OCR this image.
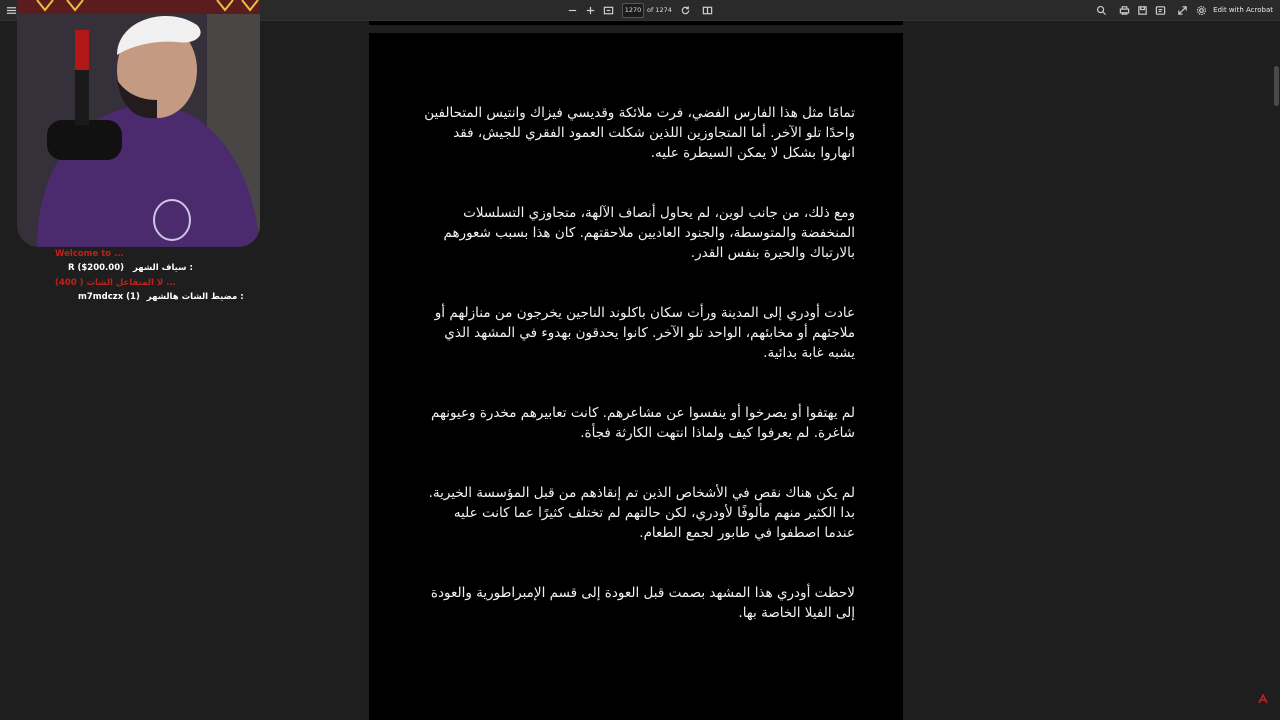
1270 of 1274	Edit with Acrobat
تمامًا مثل هذا الفارس الفضي، فرت ملائكة وقديسي فيزاك وانتيس المتحالفين واحدًا تلو الآخر. أما المتجاوزين اللذين شكلت العمود الفقري للجيش، فقد انهاروا بشكل لا يمكن السيطرة عليه.
ومع ذلك، من جانب لوين، لم يحاول أنصاف الآلهة، متجاوزي التسلسلات المنخفضة والمتوسطة، والجنود العاديين ملاحقتهم. كان هذا بسبب شعورهم بالارتباك والحيرة بنفس القدر.
عادت أودري إلى المدينة ورأت سكان باكلوند الناجين يخرجون من منازلهم أو ملاجئهم أو مخابئهم، الواحد تلو الآخر. كانوا يحدقون بهدوء في المشهد الذي يشبه غابة بدائية.
لم يهتفوا أو يصرخوا أو ينفسوا عن مشاعرهم. كانت تعابيرهم مخدرة وعيونهم شاغرة. لم يعرفوا كيف ولماذا انتهت الكارثة فجأة.
لم يكن هناك نقص في الأشخاص الذين تم إنقاذهم من قبل المؤسسة الخيرية. بدا الكثير منهم مألوفًا لأودري، لكن حالتهم لم تختلف كثيرًا عما كانت عليه عندما اصطفوا في طابور لجمع الطعام.
لاحظت أودري هذا المشهد بصمت قبل العودة إلى قسم الإمبراطورية والعودة إلى الفيلا الخاصة بها.
Welcome to ...
R ($200.00) سياف الشهر :
لا المتفاعل الشات ( 400) ...
m7mdczx (1) مضيط الشات هالشهر :
